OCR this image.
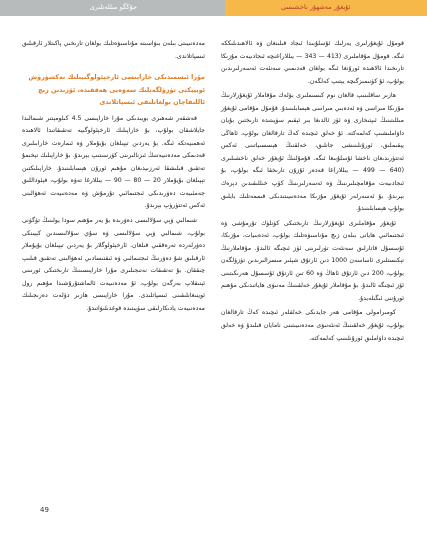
جۇڭگو مىللەتلىرى	ئۇيغۇر مەشھۇر ناخشىسى

قومۇل ئۇيغۇرلىرى يەرلىك ئۇسلۇبىدا ئىجاد قىلىنغان ۋە ئالاھىدىلىككە ئىگە. قومۇل مۇقاملىرى (413 — 343 — يىللار)غىچە ئىجادىيەت مۇزىكا تارىخىدا ئالاھىدە ئورۇنغا ئىگە بولغان قەدىمىي سەنئەت ئەسەرلىرىدىن بولۇپ، ئۇ كۈنىمىزگىچە يېتىپ كەلگەن.

ھازىر ساقلىنىپ قالغان نوم كىسىملىرى بۆلەك مۇقاملار ئۇيغۇرلارنىڭ مۇزىكا مىراسى ۋە ئەدەبىي مىراسى ھېسابلىنىدۇ. قۇمۇل مۇقامى ئۇيغۇر مىللىتىنىڭ ئىپتىخارى ۋە ئۆز ئالدىغا بىر ئېقىم سۈپىتىدە تارىختىن بۇيان داۋاملىشىپ كەلمەكتە. ئۇ خەلق ئىچىدە كەڭ تارقالغان بولۇپ، ئاھاڭى يېقىملىق، ئورۇنلىنىشى جانلىق، خەلقنىڭ ھېسسىياتىنى ئەكس ئەتتۈرىدىغان ناخشا ئۇسلۇبىغا ئىگە. قۇمۇلنىڭ ئۇيغۇر خەلق ناخشىلىرى (640 — 499 — يىللار)غا قەدەر ئۇزۇن تارىخقا ئىگە بولۇپ، بۇ ئىجادىيەت مۇقامچىلىرىنىڭ ۋە ئەسەرلىرىنىڭ كۆپ خىللىقىدىن دېرەك بېرىدۇ. بۇ ئەسەرلەر ئۇيغۇر مۇزىكا مەدەنىيىتىدىكى قىممەتلىك بايلىق بولۇپ ھېسابلىنىدۇ.

ئۇيغۇر مۇقاملىرى ئۇيغۇرلارنىڭ تارىختىكى كۈنلۈك تۇرمۇشى ۋە ئىجتىمائىي ھاياتى بىلەن زىچ مۇناسىۋەتلىك بولۇپ، ئەدەبىيات، مۇزىكا، ئۇسسۇل قاتارلىق سەنئەت تۈرلىرىنى ئۆز ئىچىگە ئالىدۇ. مۇقاملارنىڭ تېكىستلىرى ئاساسەن 1000 دىن ئارتۇق شېئىر مىسرالىرىدىن تۈزۈلگەن بولۇپ، 200 دىن ئارتۇق ئاھاڭ ۋە 60 تىن ئارتۇق ئۇسسۇل ھەرىكىتىنى ئۆز ئىچىگە ئالىدۇ. بۇ مۇقاملار ئۇيغۇر خەلقىنىڭ مەنىۋى ھاياتىدىكى مۇھىم ئورۇننى ئىگىلەيدۇ.

كومىرامولى مۇقامى ھەر جايدىكى خەلقلەر ئىچىدە كەڭ تارقالغان بولۇپ، ئۇيغۇر خەلقىنىڭ ئەنئەنىۋى مەدەنىيىتىنى نامايان قىلىدۇ ۋە خەلق ئىچىدە داۋاملىق ئورۇنلىنىپ كەلمەكتە.

مەدەنىيىتى بىلەن بىۋاسىتە مۇناسىۋەتلىك بولغان تارىخىي پاكىتلار ئارقىلىق ئىسپاتلاندى.

مۇرا ئىسمىدىكى خاراپىسى ئارخېئولوگىيىلىك تەكشۈرۈش ئوبيېكتى تۈزۈلگەنلىك سەۋەبى ھەققىدە، ئۆزىدىن زىچ ئاللىقاچان بولغانلىقى ئىسپاتلاندى

قەشقەر شەھىرى بويىدىكى مۇرا خاراپىسى 4.5 كىلومېتىر شىمالىدا جايلاشقان بولۇپ، بۇ خاراپىلىك ئارخېئولوگىيە تەتقىقاتىدا ئالاھىدە ئەھمىيەتكە ئىگە. بۇ يەردىن تېپىلغان بۇيۇملار ۋە ئىمارەت خارابىلىرى قەدىمكى مەدەنىيەتنىڭ ئىزنالىرىنى كۆرسىتىپ بېرىدۇ. بۇ خاراپىلىك تېخىمۇ تەتقىق قىلىشقا ئەرزىيدىغان مۇھىم ئورۇن ھېسابلىنىدۇ. خاراپىلىكتىن تېپىلغان بۇيۇملار 20 — 80 — 90 — يىللارغا تەۋە بولۇپ، فېئوداللىق جەمئىيەت دەۋرىدىكى ئىجتىمائىي تۇرمۇش ۋە مەدەنىيەت ئەھۋالىنى ئەكس ئەتتۈرۈپ بېرىدۇ.

شىمالىي ۋېي سۇلالىسى دەۋرىدە بۇ يەر مۇھىم سودا يولىنىڭ تۈگۈنى بولۇپ، شىمالىي ۋېي سۇلالىسى ۋە سۇي سۇلالىسىدىن كېيىنكى دەۋرلەردە تەرەققىي قىلغان. ئارخېئولوگلار بۇ يەردىن تېپىلغان بۇيۇملار ئارقىلىق شۇ دەۋرنىڭ ئىجتىمائىي ۋە ئىقتىسادىي ئەھۋالىنى تەتقىق قىلىپ چىققان. بۇ تەتقىقات نەتىجىلىرى مۇرا خاراپىسىنىڭ تارىختىكى ئورنىنى ئېنىقلاپ بەرگەن بولۇپ، ئۇ مەدەنىيەت ئالماشتۇرۇشىدا مۇھىم رول ئوينىغانلىقىنى ئىسپاتلىدى. مۇرا خاراپىسى ھازىر دۆلەت دەرىجىلىك مەدەنىيەت يادىكارلىقى سۈپىتىدە قوغدىلىۋاتىدۇ.

49
